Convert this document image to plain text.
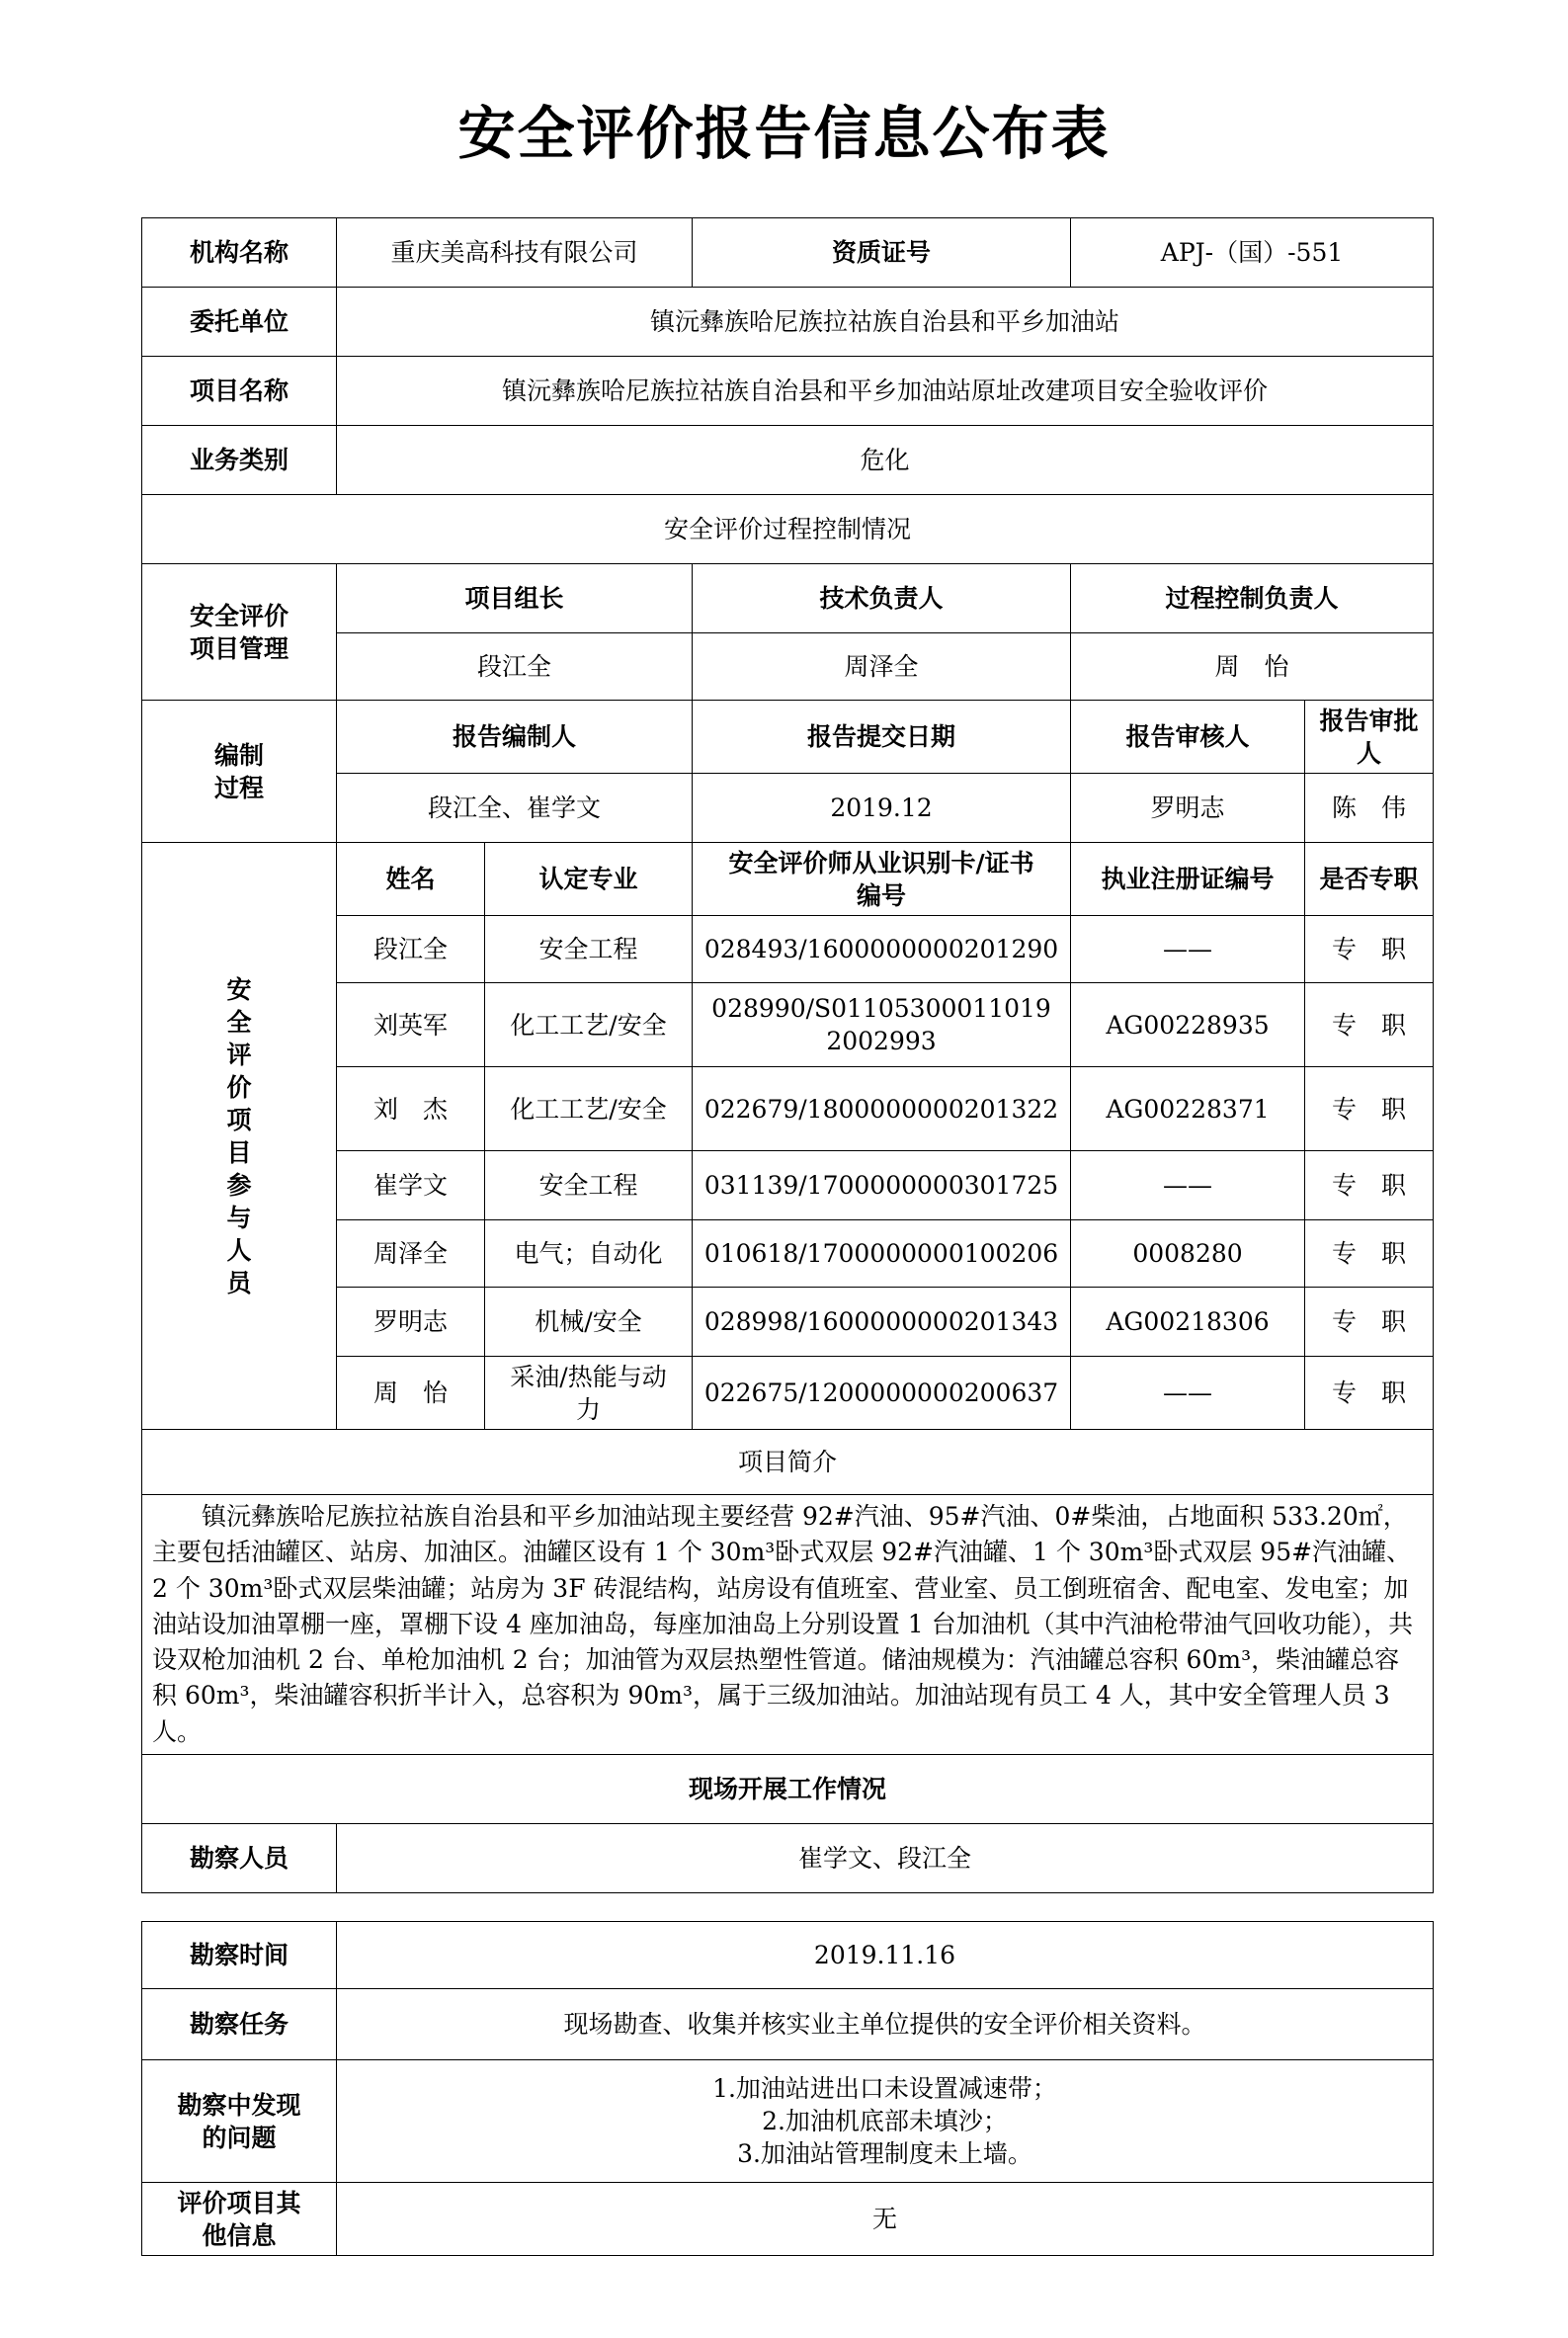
安全评价报告信息公布表
机构名称	重庆美高科技有限公司		资质证号	APJ-（国）-551	
委托单位	镇沅彝族哈尼族拉祜族自治县和平乡加油站				
项目名称	镇沅彝族哈尼族拉祜族自治县和平乡加油站原址改建项目安全验收评价				
业务类别	危化				
安全评价过程控制情况					
安全评价项目管理	项目组长		技术负责人	过程控制负责人	
	段江全		周泽全	周　怡	
编制过程	报告编制人		报告提交日期	报告审核人	报告审批人
	段江全、崔学文		2019.12	罗明志	陈　伟
安全评价项目参与人员	姓名	认定专业	安全评价师从业识别卡/证书编号	执业注册证编号	是否专职
	段江全	安全工程	028493/1600000000201290	——	专　职
	刘英军	化工工艺/安全	028990/S011053000110192002993	AG00228935	专　职
	刘　杰	化工工艺/安全	022679/1800000000201322	AG00228371	专　职
	崔学文	安全工程	031139/1700000000301725	——	专　职
	周泽全	电气；自动化	010618/1700000000100206	0008280	专　职
	罗明志	机械/安全	028998/1600000000201343	AG00218306	专　职
	周　怡	采油/热能与动力	022675/1200000000200637	——	专　职
项目简介					
镇沅彝族哈尼族拉祜族自治县和平乡加油站现主要经营 92#汽油、95#汽油、0#柴油，占地面积 533.20㎡，主要包括油罐区、站房、加油区。油罐区设有 1 个 30m³卧式双层 92#汽油罐、1 个 30m³卧式双层 95#汽油罐、2 个 30m³卧式双层柴油罐；站房为 3F 砖混结构，站房设有值班室、营业室、员工倒班宿舍、配电室、发电室；加油站设加油罩棚一座，罩棚下设 4 座加油岛，每座加油岛上分别设置 1 台加油机（其中汽油枪带油气回收功能），共设双枪加油机 2 台、单枪加油机 2 台；加油管为双层热塑性管道。储油规模为：汽油罐总容积 60m³，柴油罐总容积 60m³，柴油罐容积折半计入，总容积为 90m³，属于三级加油站。加油站现有员工 4 人，其中安全管理人员 3 人。					
现场开展工作情况					
勘察人员	崔学文、段江全				
勘察时间	2019.11.16
勘察任务	现场勘查、收集并核实业主单位提供的安全评价相关资料。
勘察中发现的问题	1.加油站进出口未设置减速带；
2.加油机底部未填沙；
3.加油站管理制度未上墙。

评价项目其他信息	无
